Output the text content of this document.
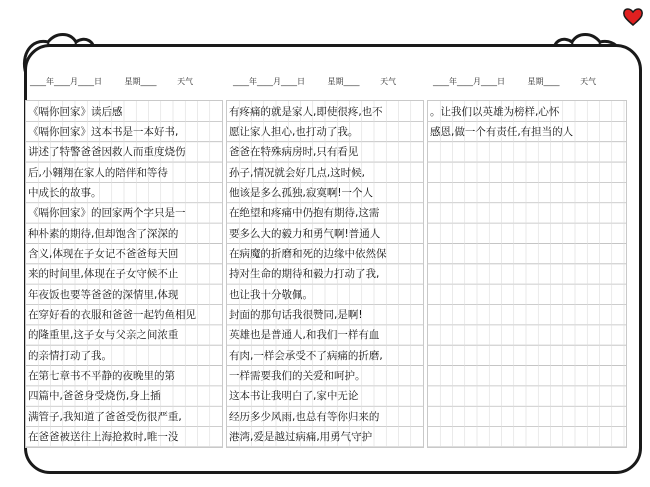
____年____月____日	星期____	天气	____年____月____日	星期____	天气	____年____月____日	星期____	天气
《嗝你回家》读后感
《嗝你回家》这本书是一本好书,
讲述了特警爸爸因救人而重度烧伤
后,小翱翔在家人的陪伴和等待
中成长的故事。
《嗝你回家》的回家两个字只是一
种朴素的期待,但却饱含了深深的
含义,体现在子女记不爸爸每天回
来的时间里,体现在子女守候不止
年夜饭也要等爸爸的深情里,体现
在穿好看的衣服和爸爸一起钓鱼相见
的隆重里,这子女与父亲之间浓重
的亲情打动了我。
在第七章书不平静的夜晚里的第
四篇中,爸爸身受烧伤,身上插
满管子,我知道了爸爸受伤很严重,
在爸爸被送往上海抢救时,唯一没
有疼痛的就是家人,即使很疼,也不
愿让家人担心,也打动了我。
爸爸在特殊病房时,只有看见
孙子,情况就会好几点,这时候,
他该是多么孤独,寂寞啊!一个人
在绝望和疼痛中仍抱有期待,这需
要多么大的毅力和勇气啊!普通人
在病魔的折磨和死的边缘中依然保
持对生命的期待和毅力打动了我,
也让我十分敬佩。
封面的那句话我很赞同,是啊!
英雄也是普通人,和我们一样有血
有肉,一样会承受不了病痛的折磨,
一样需要我们的关爱和呵护。
这本书让我明白了,家中无论
经历多少风雨,也总有等你归来的
港湾,爱是越过病痛,用勇气守护
。让我们以英雄为榜样,心怀
感恩,做一个有责任,有担当的人
